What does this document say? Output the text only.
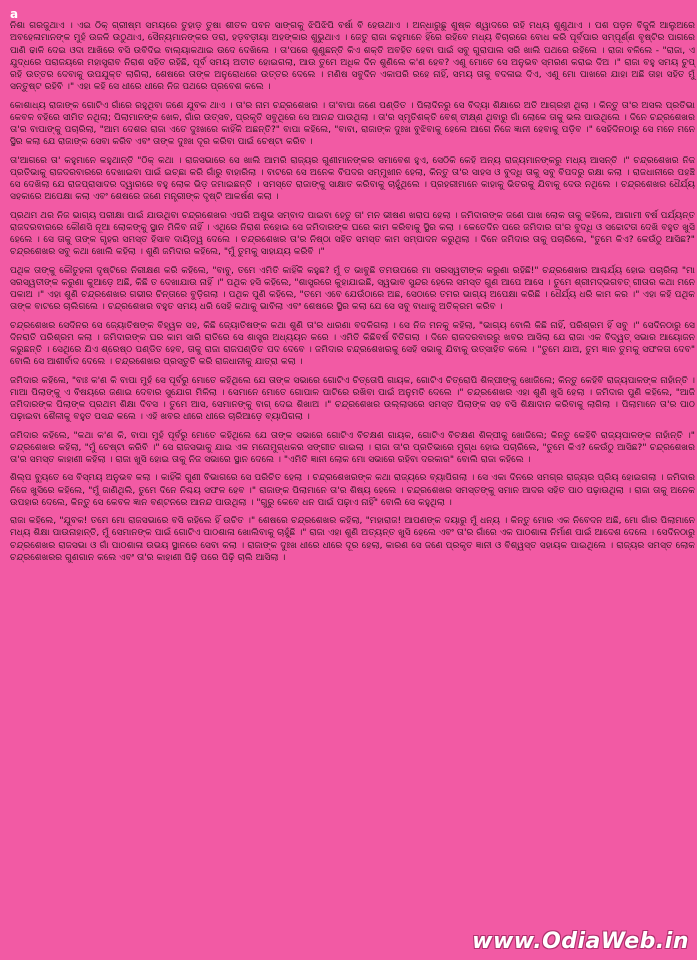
a

ନିଶା ଗରଜୁଥାଏ । ଏଇ ଠିକ୍ ଗ୍ରୀଷ୍ମ ସମୟରେ ତୁହାଡ଼ ତୁଷା ଶୀତଳ ପବନ ସାଙ୍ଗକୁ ଝିପିଝିପି ବର୍ଷା ବି ହେଉଥାଏ । ଅନ୍ଧାରୁଛୁ ଶୁଷ୍କ ଶ୍ୱାଦରେ ରହି ମଧ୍ୟ ଶୁଣୁଥାଏ । ପଶ ପଡ଼ନ ବିଜୁଳି ଆଲୁଅରେ ଅବହେଳାମାନଙ୍କ ମୁହଁ ଉଜଳି ଉଠୁଥାଏ, ସୈନ୍ୟମାନଙ୍କର ଡରା, ହଡ଼ବଡ଼ୀୟା ଅହଙ୍କାର ଶୁଭୁଥାଏ । ଜେତୁ ରାଜା କହୁମାନେ ହିଁରେ ରହିବେ ମଧ୍ୟ ବିଚାରରେ ବୋଧ କରି ପୂର୍ବପାର ସମ୍ପୂର୍ଣ୍ଣ ବୃଷ୍ଟିର ପାଗରେ ପାଣି ଢାଳି ଦେଇ ଓଦା ଆଖିରେ ବସି ଉବିଦିଇ ବାଲ୍ୟାକଥାଇ ଉଦେ ଦେଖିଲେ । ତା'ପରେ ଶୁଣୁଛନ୍ତି କିଏ ଶକ୍ତି ଅବହିତ ହେବା ପାଇଁ ସବୁ ଗୁରାପାଲ ସରି ଖାଲି ପଥରେ ରହିଲେ । ରାଜା ବଳିଲେ - "ରାଜା, ଏ ଯୁଦ୍ଧରେ ପରାଜୟରେ ମହାସ୍ତ୍ରାବ ନିରାଶ ସହିତ ରହିଛି, ପୂର୍ବ ସମୟ ଅତୀତ ହୋଇଗଲା, ଆଉ ତୁମେ ଅଧିକ ଦିନ ଶୁଣିଲେ କ'ଣ ହେବ? ଏଣୁ ମୋତେ ସେ ଅନୁଭବ ସ୍ମରଣ କରାଇ ଦିଅ ।" ରାଜା ବହୁ ସମୟ ଚୁପ୍ ରହି ଉତ୍ତର ଦେବାକୁ ଉପଯୁକ୍ତ ଲାଗିଲା, ଶେଷରେ ତାଙ୍କ ଅନୁରୋଧରେ ଉତ୍ତର ଦେଲେ । ମଣିଷ ସବୁଦିନ ଏକାପରି ରହେ ନାହିଁ, ସମୟ ତାକୁ ବଦଳାଇ ଦିଏ, ଏଣୁ ମୋ ପାଖରେ ଯାହା ଅଛି ତାହା ସହିତ ମୁଁ ସନ୍ତୁଷ୍ଟ ରହିବି ।" ଏହା କହି ସେ ଧୀରେ ଧୀରେ ନିଜ ପଥରେ ପ୍ରବେଶ କଲେ ।

କୋଶାଧ୍ୟ ରାଜାଙ୍କ ଗୋଟିଏ ଗାଁରେ ରହୁଥିବା ଜଣେ ଯୁବକ ଥାଏ । ତା'ର ନାମ ଚନ୍ଦ୍ରଶେଖର । ତା'ବାପା ଜଣେ ପଣ୍ଡିତ । ପିଲାଦିନରୁ ସେ ବିଦ୍ୟା ଶିକ୍ଷାରେ ଅତି ଆଗ୍ରହୀ ଥିଲା । କିନ୍ତୁ ତା'ର ଅସଲ ପ୍ରତିଭା କେବଳ ବହିରେ ସୀମିତ ନଥିଲା; ପିଲାମାନଙ୍କ ଖେଳ, ଗାଁର ଉତ୍ସବ, ପ୍ରକୃତି ସବୁଥିରେ ସେ ଆନନ୍ଦ ପାଉଥିଲା । ତା'ର ସ୍ମୃତିଶକ୍ତି ବେଶ୍ ତୀକ୍ଷ୍ଣ ଥିବାରୁ ଗାଁ ଲୋକେ ତାକୁ ଭଲ ପାଉଥିଲେ । ଦିନେ ଚନ୍ଦ୍ରଶେଖର ତା'ର ବାପାଙ୍କୁ ପଚାରିଲା, "ଆମ ଦେଶର ରାଜା ଏତେ ଦୁଃଖରେ କାହିଁକି ଅଛନ୍ତି?" ବାପା କହିଲେ, "ବାବା, ରାଜାଙ୍କ ଦୁଃଖ ବୁଝିବାକୁ ହେଲେ ଆଗେ ନିଜେ ଜ୍ଞାନୀ ହେବାକୁ ପଡ଼ିବ ।" ସେହିଦିନଠାରୁ ସେ ମନେ ମନେ ସ୍ଥିର କଲା ଯେ ରାଜାଙ୍କ ସେବା କରିବ ଏବଂ ତାଙ୍କ ଦୁଃଖ ଦୂର କରିବା ପାଇଁ ଚେଷ୍ଟା କରିବ ।

ତା'ଆଗରେ ତା' କହୁମାନେ କହୁଥାନ୍ତି "ଠିକ୍ କଥା । ରାଜସଭାରେ ସେ ଖାଲି ଆମରି ରାଜ୍ୟର ଗୁଣୀମାନଙ୍କର ସମାବେଶ ହୁଏ, ସେଠିକି କେହି ଅନ୍ୟ ରାଜ୍ୟମାନଙ୍କରୁ ମଧ୍ୟ ଆସନ୍ତି ।" ଚନ୍ଦ୍ରଶେଖର ନିଜ ପ୍ରତିଭାକୁ ରାଜଦରବାରରେ ଦେଖାଇବା ପାଇଁ ଇଚ୍ଛା କରି ଗାଁରୁ ବାହାରିଲା । ବାଟରେ ସେ ଅନେକ ବିପଦର ସମ୍ମୁଖୀନ ହେଲା, କିନ୍ତୁ ତା'ର ସାହସ ଓ ବୁଦ୍ଧି ତାକୁ ସବୁ ବିପଦରୁ ରକ୍ଷା କଲା । ରାଜଧାନୀରେ ପହଞ୍ଚି ସେ ଦେଖିଲା ଯେ ରାଜପ୍ରାସାଦର ଦ୍ୱାରରେ ବହୁ ଲୋକ ଭିଡ଼ ଜମାଇଛନ୍ତି । ସମସ୍ତେ ରାଜାଙ୍କୁ ସାକ୍ଷାତ କରିବାକୁ ଚାହୁଁଥିଲେ । ପ୍ରହରୀମାନେ କାହାକୁ ଭିତରକୁ ଯିବାକୁ ଦେଉ ନଥିଲେ । ଚନ୍ଦ୍ରଶେଖର ଧୈର୍ଯ୍ୟ ସହକାରେ ଅପେକ୍ଷା କଲା ଏବଂ ଶେଷରେ ଜଣେ ମନ୍ତ୍ରୀଙ୍କ ଦୃଷ୍ଟି ଆକର୍ଷଣ କଲା ।

ପ୍ରଥମ ଥର ନିଜ ଭାଗ୍ୟ ପରୀକ୍ଷା ପାଇଁ ଯାଉଥିବା ଚନ୍ଦ୍ରଶେଖର ଏପରି ଅଶୁଭ ସମ୍ବାଦ ପାଇବା ହେତୁ ତା' ମନ ଭୀଷଣ ଖରାପ ହେଲା । ଜମିଦାରଙ୍କ ଜଣେ ପାଖ ଲୋକ ତାକୁ କହିଲେ, ଆଗାମୀ ବର୍ଷ ପର୍ଯ୍ୟନ୍ତ ରାଜଦରବାରରେ କୌଣସି ନୂଆ ଲୋକଙ୍କୁ ସ୍ଥାନ ମିଳିବ ନାହିଁ । ଏଥିରେ ନିରାଶ ନହୋଇ ସେ ଜମିଦାରଙ୍କ ଘରେ କାମ କରିବାକୁ ସ୍ଥିର କଲା । କେତେଦିନ ପରେ ଜମିଦାର ତା'ର ବୁଦ୍ଧି ଓ ସଚ୍ଚୋଟତା ଦେଖି ବହୁତ ଖୁସି ହେଲେ । ସେ ତାକୁ ତାଙ୍କ ଗୃହର ସମସ୍ତ ହିସାବ ଦାୟିତ୍ୱ ଦେଲେ । ଚନ୍ଦ୍ରଶେଖର ତା'ର ନିଷ୍ଠା ସହିତ ସମସ୍ତ କାମ ସମ୍ପାଦନ କରୁଥିଲା । ଦିନେ ଜମିଦାର ତାକୁ ପଚାରିଲେ, "ତୁମେ କିଏ? କେଉଁଠୁ ଆସିଛ?" ଚନ୍ଦ୍ରଶେଖର ସବୁ କଥା ଖୋଲି କହିଲା । ଶୁଣି ଜମିଦାର କହିଲେ, "ମୁଁ ତୁମକୁ ସାହାଯ୍ୟ କରିବି ।"

ପଥିକ ତାଙ୍କୁ କୌତୁହଳୀ ଦୃଷ୍ଟିରେ ନିରୀକ୍ଷଣ କରି କହିଲେ, "ବାବୁ, ତମେ ଏମିତି କାହିଁକି କହୁଛ? ମୁଁ ତ ଭାବୁଛି ତମଉପରେ ମା ସରସ୍ୱତୀଙ୍କ କରୁଣା ରହିଛି!" ଚନ୍ଦ୍ରଶେଖର ଆଶ୍ଚର୍ଯ୍ୟ ହୋଇ ପଚାରିଲା "ମା ସରସ୍ୱତୀଙ୍କ କରୁଣା କୁଆଡ଼େ ଅଛି, କିଛି ତ ଦେଖାଯାଉ ନାହିଁ ।" ପଥିକ ହସି କହିଲେ, "ଶାସ୍ତ୍ରରେ କୁହାଯାଇଛି, ସ୍ୱଭାବ ସୁନ୍ଦର ହେଲେ ସମସ୍ତ ଗୁଣ ଆପେ ଆସେ । ତୁମେ ଶ୍ରୀମଦ୍ଭଗବତ୍ ଗୀତାର କଥା ମନେ ପକାଅ ।" ଏହା ଶୁଣି ଚନ୍ଦ୍ରଶେଖର ଗଭୀର ଚିନ୍ତାରେ ବୁଡ଼ିଗଲା । ପଥିକ ପୁଣି କହିଲେ, "ତମେ ଏବେ ଯେଉଁଠାରେ ଅଛ, ସେଠାରେ ତମର ଭାଗ୍ୟ ଅପେକ୍ଷା କରିଛି । ଧୈର୍ଯ୍ୟ ଧରି କାମ କର ।" ଏହା କହି ପଥିକ ତାଙ୍କ ବାଟରେ ଚାଲିଗଲେ । ଚନ୍ଦ୍ରଶେଖର ବହୁତ ସମୟ ଧରି ସେହି କଥାକୁ ଭାବିଲା ଏବଂ ଶେଷରେ ସ୍ଥିର କଲା ଯେ ସେ ସବୁ ବାଧାକୁ ଅତିକ୍ରମ କରିବ ।

ଚନ୍ଦ୍ରଶେଖର ସେଦିନର ସେ ଜ୍ୟୋତିଷଙ୍କ ବିହ୍ୱଳ ସହ, କିଛି ଜ୍ୟୋତିଷଙ୍କ କଥା ଶୁଣି ତା'ର ଧାରଣା ବଦଳିଗଲା । ସେ ନିଜ ମନକୁ କହିଲା, "ଭାଗ୍ୟ ବୋଲି କିଛି ନାହିଁ, ପରିଶ୍ରମ ହିଁ ସବୁ ।" ସେଦିନଠାରୁ ସେ ଦିନରାତି ପରିଶ୍ରମ କଲା । ଜମିଦାରଙ୍କ ଘର କାମ ସାରି ରାତିରେ ସେ ଶାସ୍ତ୍ର ଅଧ୍ୟୟନ କରେ । ଏମିତି କିଛିବର୍ଷ ବିତିଗଲା । ଦିନେ ରାଜଦରବାରରୁ ଖବର ଆସିଲା ଯେ ରାଜା ଏକ ବିଦ୍ୱତ୍ ସଭାର ଆୟୋଜନ କରୁଛନ୍ତି । ସେଥିରେ ଯିଏ ଶ୍ରେଷ୍ଠ ପଣ୍ଡିତ ହେବ, ତାକୁ ରାଜା ରାଜପଣ୍ଡିତ ପଦ ଦେବେ । ଜମିଦାର ଚନ୍ଦ୍ରଶେଖରକୁ ସେହି ସଭାକୁ ଯିବାକୁ ଉତ୍ସାହିତ କଲେ । "ତୁମେ ଯାଅ, ତୁମ ଜ୍ଞାନ ତୁମକୁ ସଫଳତା ଦେବ" ବୋଲି ସେ ଆଶୀର୍ବାଦ ଦେଲେ । ଚନ୍ଦ୍ରଶେଖର ପ୍ରସ୍ତୁତି କରି ରାଜଧାନୀକୁ ଯାତ୍ରା କଲା ।

ଜମିଦାର କହିଲେ, "ବାଃ କ'ଣ କି ବାପା ମୁହଁ ସେ ପୂର୍ବରୁ ମୋତେ କହିଥିଲେ ଯେ ତାଙ୍କ ସଭାରେ ଗୋଟିଏ ଚିତ୍ତୋପି ଗାୟକ, ଗୋଟିଏ ଚିତ୍ରୋପି ଶିଳ୍ପୀଙ୍କୁ ଖୋଜିଲେ; କିନ୍ତୁ କେହିବି ରାଜ୍ୟପାଳଙ୍କ ନାହାଁନ୍ତି । ମାଆ ପିଲାଙ୍କୁ ଏ ବିଷୟରେ ଜଣାଇ ଦେବାର ସୁଯୋଗ ମିଳିଲା । ସେମାନେ ମୋତେ ଗୋପାଳ ପାଟିରେ ରଖିବା ପାଇଁ ଅନୁମତି ଦେଲେ ।" ଚନ୍ଦ୍ରଶେଖର ଏହା ଶୁଣି ଖୁସି ହେଲା । ଜମିଦାର ପୁଣି କହିଲେ, "ଆଜି ଜମିଦାରଙ୍କ ପିଲାଙ୍କ ପ୍ରଥମ ଶିକ୍ଷା ଦିବସ । ତୁମେ ଆସ, ସେମାନଙ୍କୁ ବାଗ୍ ଦେଇ ଶିଖାଅ ।" ଚନ୍ଦ୍ରଶେଖର ଉଲ୍ଲାସରେ ସମସ୍ତ ପିଲାଙ୍କ ସହ ବସି ଶିକ୍ଷାଦାନ କରିବାକୁ ଲାଗିଲା । ପିଲାମାନେ ତା'ର ପାଠ ପଢ଼ାଇବା ଶୈଳୀକୁ ବହୁତ ପସନ୍ଦ କଲେ । ଏହି ଖବର ଧୀରେ ଧୀରେ ଚାରିଆଡ଼େ ବ୍ୟାପିଗଲା ।

ଜମିଦାର କହିଲେ, "କଥା କ'ଣ କି, ବାପା ମୁହଁ ପୂର୍ବରୁ ମୋତେ କହିଥିଲେ ଯେ ତାଙ୍କ ସଭାରେ ଗୋଟିଏ ବିଚକ୍ଷଣ ଗାୟକ, ଗୋଟିଏ ବିଚକ୍ଷଣ ଶିଳ୍ପୀକୁ ଖୋଜିଲେ; କିନ୍ତୁ କେହିବି ରାଜ୍ୟପାଳଙ୍କ ନାହାଁନ୍ତି ।" ଚନ୍ଦ୍ରଶେଖର କହିଲା, "ମୁଁ ଚେଷ୍ଟା କରିବି ।" ସେ ରାଜସଭାକୁ ଯାଇ ଏକ ମନୋମୁଗ୍ଧକର ସଙ୍ଗୀତ ଗାଇଲା । ରାଜା ତା'ର ପ୍ରତିଭାରେ ମୁଗ୍ଧ ହୋଇ ପଚାରିଲେ, "ତୁମେ କିଏ? କେଉଁଠୁ ଆସିଛ?" ଚନ୍ଦ୍ରଶେଖର ତା'ର ସମସ୍ତ କାହାଣୀ କହିଲା । ରାଜା ଖୁସି ହୋଇ ତାକୁ ନିଜ ସଭାରେ ସ୍ଥାନ ଦେଲେ । "ଏମିତି ଜ୍ଞାନୀ ଲୋକ ମୋ ସଭାରେ ରହିବା ଦରକାର" ବୋଲି ରାଜା କହିଲେ ।

ଶିଲ୍ପ ବ୍ୟୁତେ ସେ ବିସ୍ମୟ ଅନୁଭବ କଲା । କାହିଁକି ଗୁଣୀ ବିଭାଗରେ ସେ ପରିଚିତ ହେଲା । ଚନ୍ଦ୍ରଶେଖରଙ୍କ କଥା ରାଜ୍ୟରେ ବ୍ୟାପିଗଲା । ସେ ଏକା ଦିନରେ ସମଗ୍ର ରାଜ୍ୟର ପ୍ରିୟ ହୋଇଗଲା । ଜମିଦାର ନିଜେ ଖୁସିରେ କହିଲେ, "ମୁଁ ଜାଣିଥିଲି, ତୁମେ ଦିନେ ନିଶ୍ଚୟ ସଫଳ ହେବ ।" ରାଜାଙ୍କ ପିଲାମାନେ ତା'ର ଶିଷ୍ୟ ହେଲେ । ଚନ୍ଦ୍ରଶେଖର ସମସ୍ତଙ୍କୁ ସମାନ ଆଦର ସହିତ ପାଠ ପଢ଼ାଉଥିଲା । ରାଜା ତାକୁ ଅନେକ ଉପହାର ଦେଲେ, କିନ୍ତୁ ସେ କେବଳ ଜ୍ଞାନ ବଣ୍ଟନରେ ଆନନ୍ଦ ପାଉଥିଲା । "ଗୁରୁ କେବେ ଧନ ପାଇଁ ପଢ଼ାଏ ନାହିଁ" ବୋଲି ସେ କହୁଥିଲା ।

ରାଜା କହିଲେ, "ଯୁବକ! ତମେ ମୋ ରାଜସଭାରେ ବସି ରହିଲେ ହିଁ ଉଚିତ ।" ଶେଷରେ ଚନ୍ଦ୍ରଶେଖର କହିଲା, "ମହାରାଜ! ଆପଣଙ୍କ ଦୟାରୁ ମୁଁ ଧନ୍ୟ । କିନ୍ତୁ ମୋର ଏକ ନିବେଦନ ଅଛି, ମୋ ଗାଁର ପିଲାମାନେ ମଧ୍ୟ ଶିକ୍ଷା ପାଉନାହାନ୍ତି, ମୁଁ ସେମାନଙ୍କ ପାଇଁ ଗୋଟିଏ ପାଠଶାଳା ଖୋଲିବାକୁ ଚାହୁଁଛି ।" ରାଜା ଏହା ଶୁଣି ଅତ୍ୟନ୍ତ ଖୁସି ହେଲେ ଏବଂ ତା'ର ଗାଁରେ ଏକ ପାଠଶାଳା ନିର୍ମାଣ ପାଇଁ ଆଦେଶ ଦେଲେ । ସେଦିନଠାରୁ ଚନ୍ଦ୍ରଶେଖର ରାଜସଭା ଓ ଗାଁ ପାଠଶାଳା ଉଭୟ ସ୍ଥାନରେ ସେବା କଲା । ରାଜାଙ୍କ ଦୁଃଖ ଧୀରେ ଧୀରେ ଦୂର ହେଲା, କାରଣ ସେ ଜଣେ ପ୍ରକୃତ ଜ୍ଞାନୀ ଓ ବିଶ୍ୱସ୍ତ ସହାୟକ ପାଇଥିଲେ । ରାଜ୍ୟର ସମସ୍ତ ଲୋକ ଚନ୍ଦ୍ରଶେଖରର ଗୁଣଗାନ କଲେ ଏବଂ ତା'ର କାହାଣୀ ପିଢ଼ି ପରେ ପିଢ଼ି ଚାଲି ଆସିଲା ।

www.OdiaWeb.in
